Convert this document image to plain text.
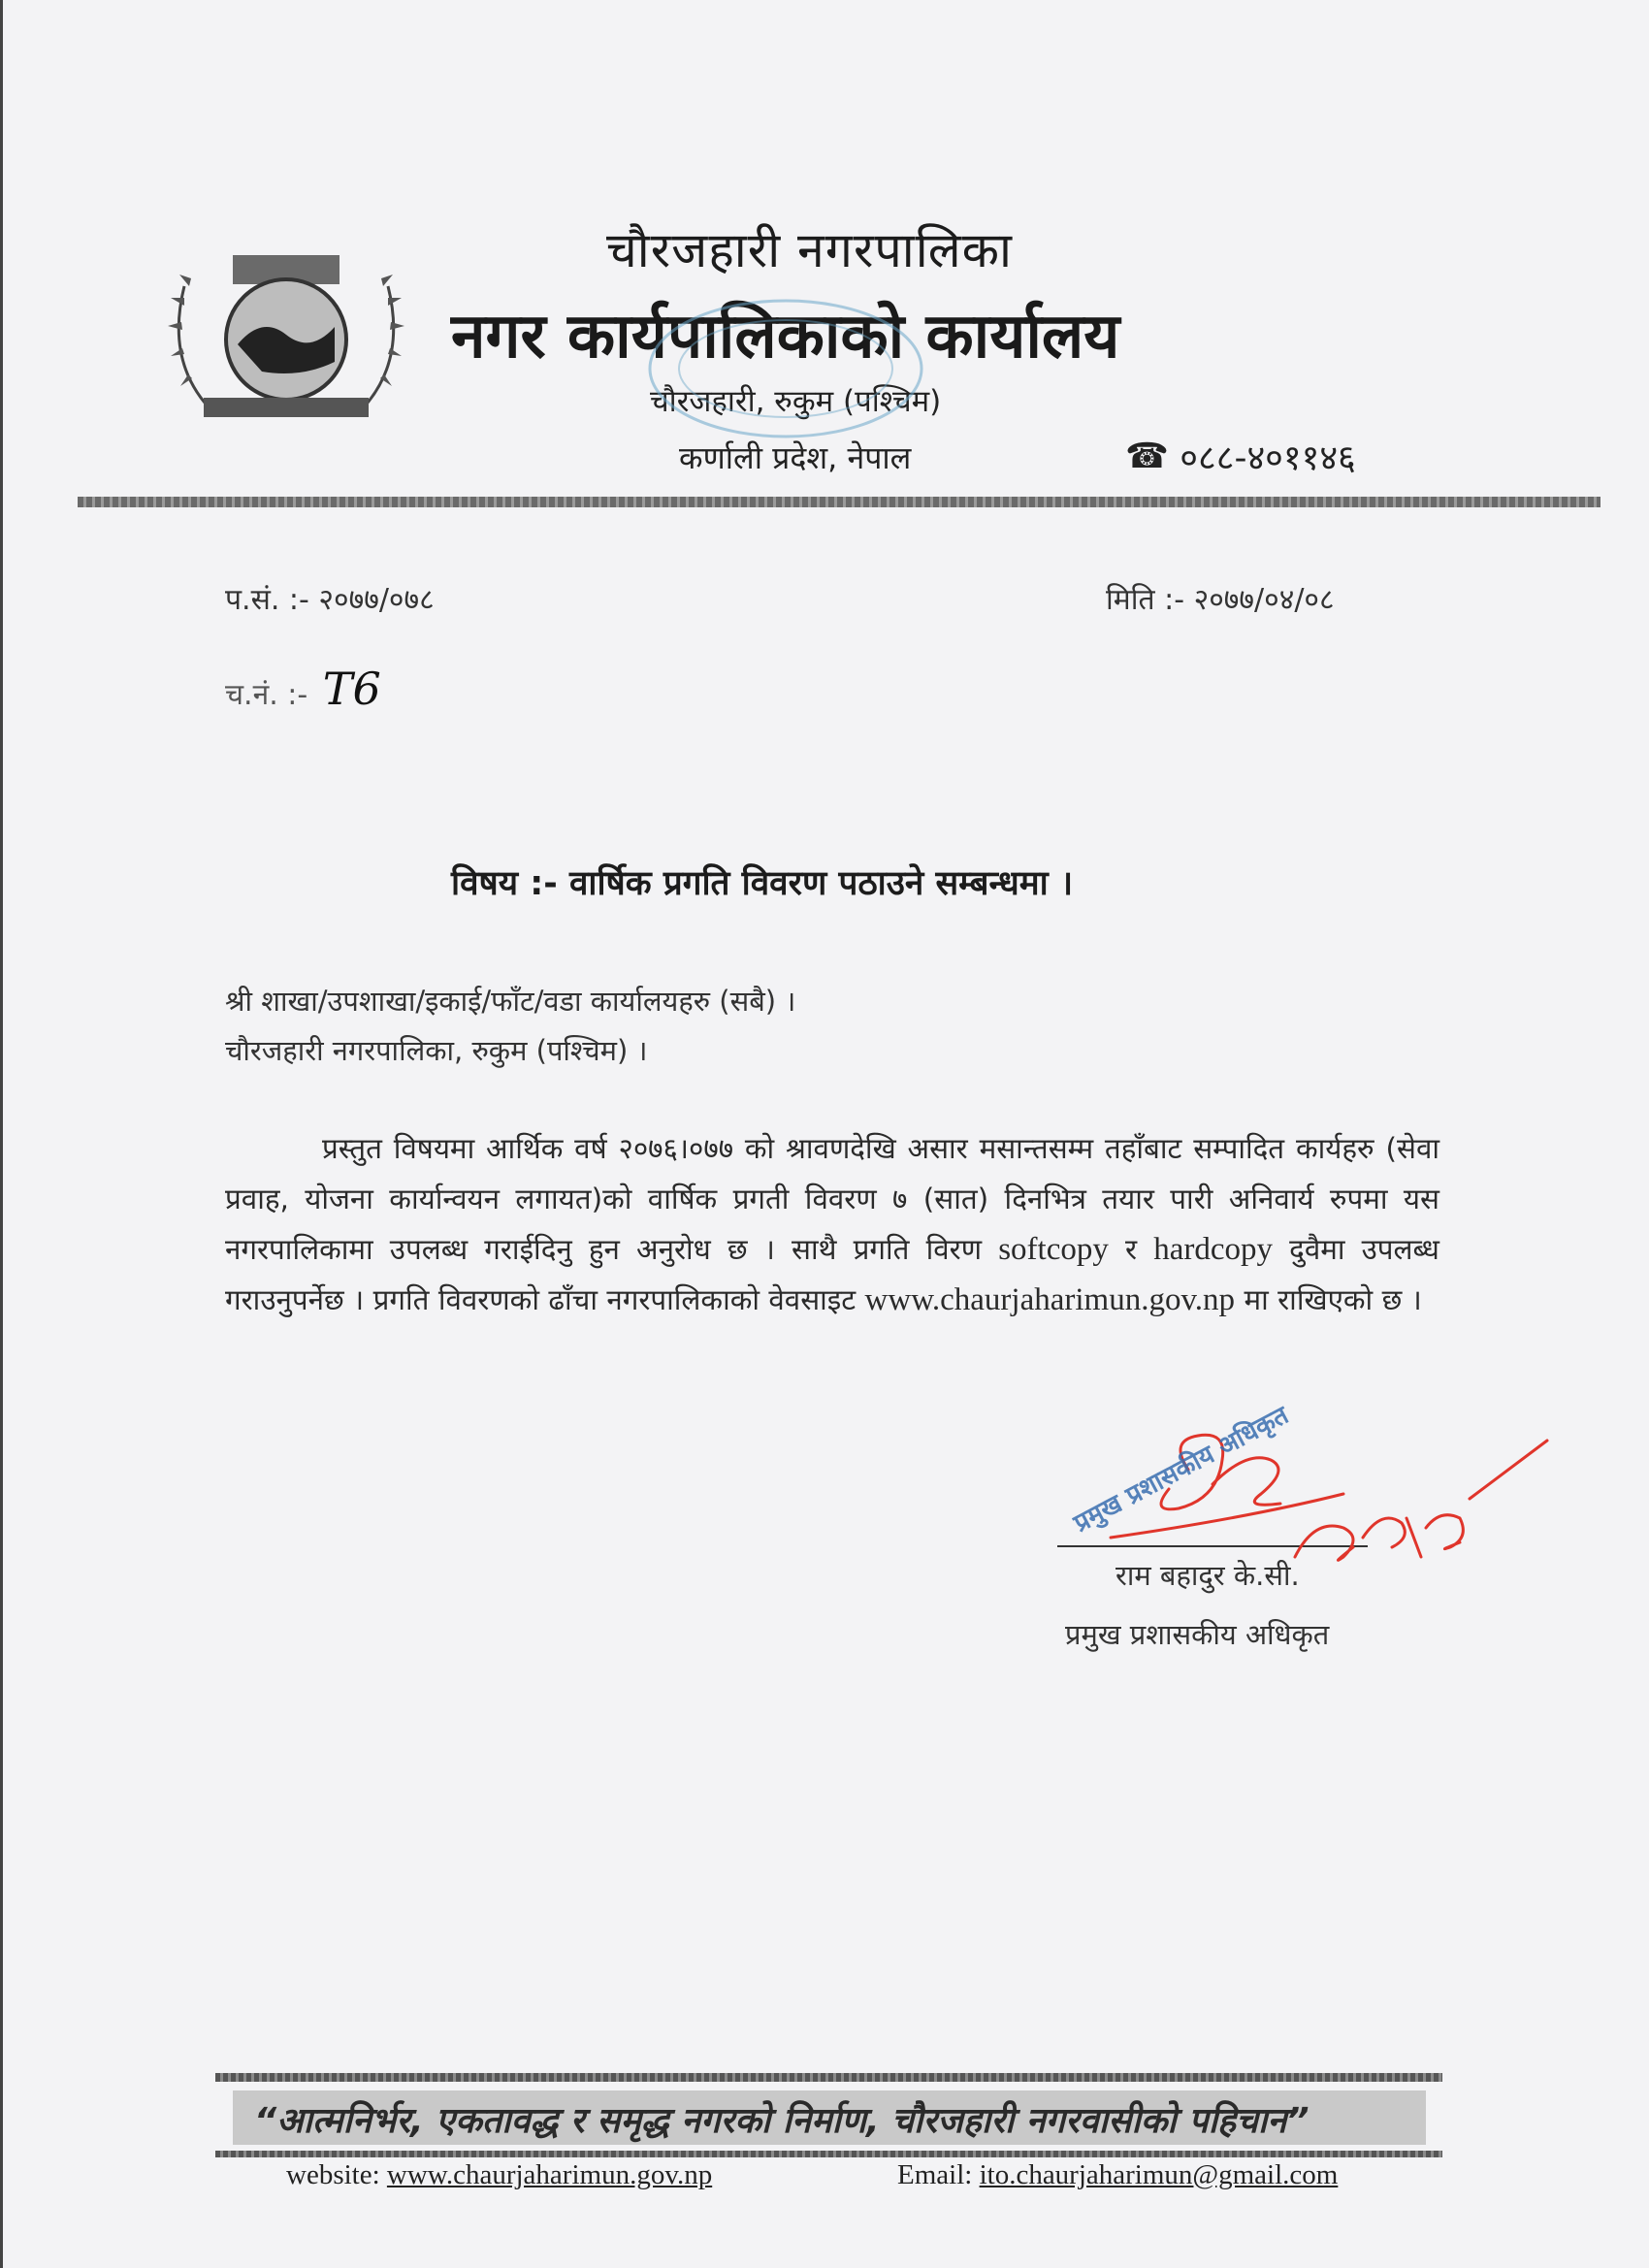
चौरजहारी नगरपालिका
नगर कार्यपालिकाको कार्यालय
चौरजहारी, रुकुम (पश्चिम)
कर्णाली प्रदेश, नेपाल	☎ ०८८-४०११४६
प.सं. :- २०७७/०७८	मिति :- २०७७/०४/०८
च.नं. :- T6
विषय :- वार्षिक प्रगति विवरण पठाउने सम्बन्धमा ।
श्री शाखा/उपशाखा/इकाई/फाँट/वडा कार्यालयहरु (सबै) ।
चौरजहारी नगरपालिका, रुकुम (पश्चिम) ।
प्रस्तुत विषयमा आर्थिक वर्ष २०७६।०७७ को श्रावणदेखि असार मसान्तसम्म तहाँबाट सम्पादित कार्यहरु (सेवा प्रवाह, योजना कार्यान्वयन लगायत)को वार्षिक प्रगती विवरण ७ (सात) दिनभित्र तयार पारी अनिवार्य रुपमा यस नगरपालिकामा उपलब्ध गराईदिनु हुन अनुरोध छ । साथै प्रगति विरण softcopy र hardcopy दुवैमा उपलब्ध गराउनुपर्नेछ । प्रगति विवरणको ढाँचा नगरपालिकाको वेवसाइट www.chaurjaharimun.gov.np मा राखिएको छ ।
राम बहादुर के.सी.
प्रमुख प्रशासकीय अधिकृत
प्रमुख प्रशासकीय अधिकृत
“आत्मनिर्भर, एकतावद्ध र समृद्ध नगरको निर्माण, चौरजहारी नगरवासीको पहिचान”
website: www.chaurjaharimun.gov.np	Email: ito.chaurjaharimun@gmail.com
